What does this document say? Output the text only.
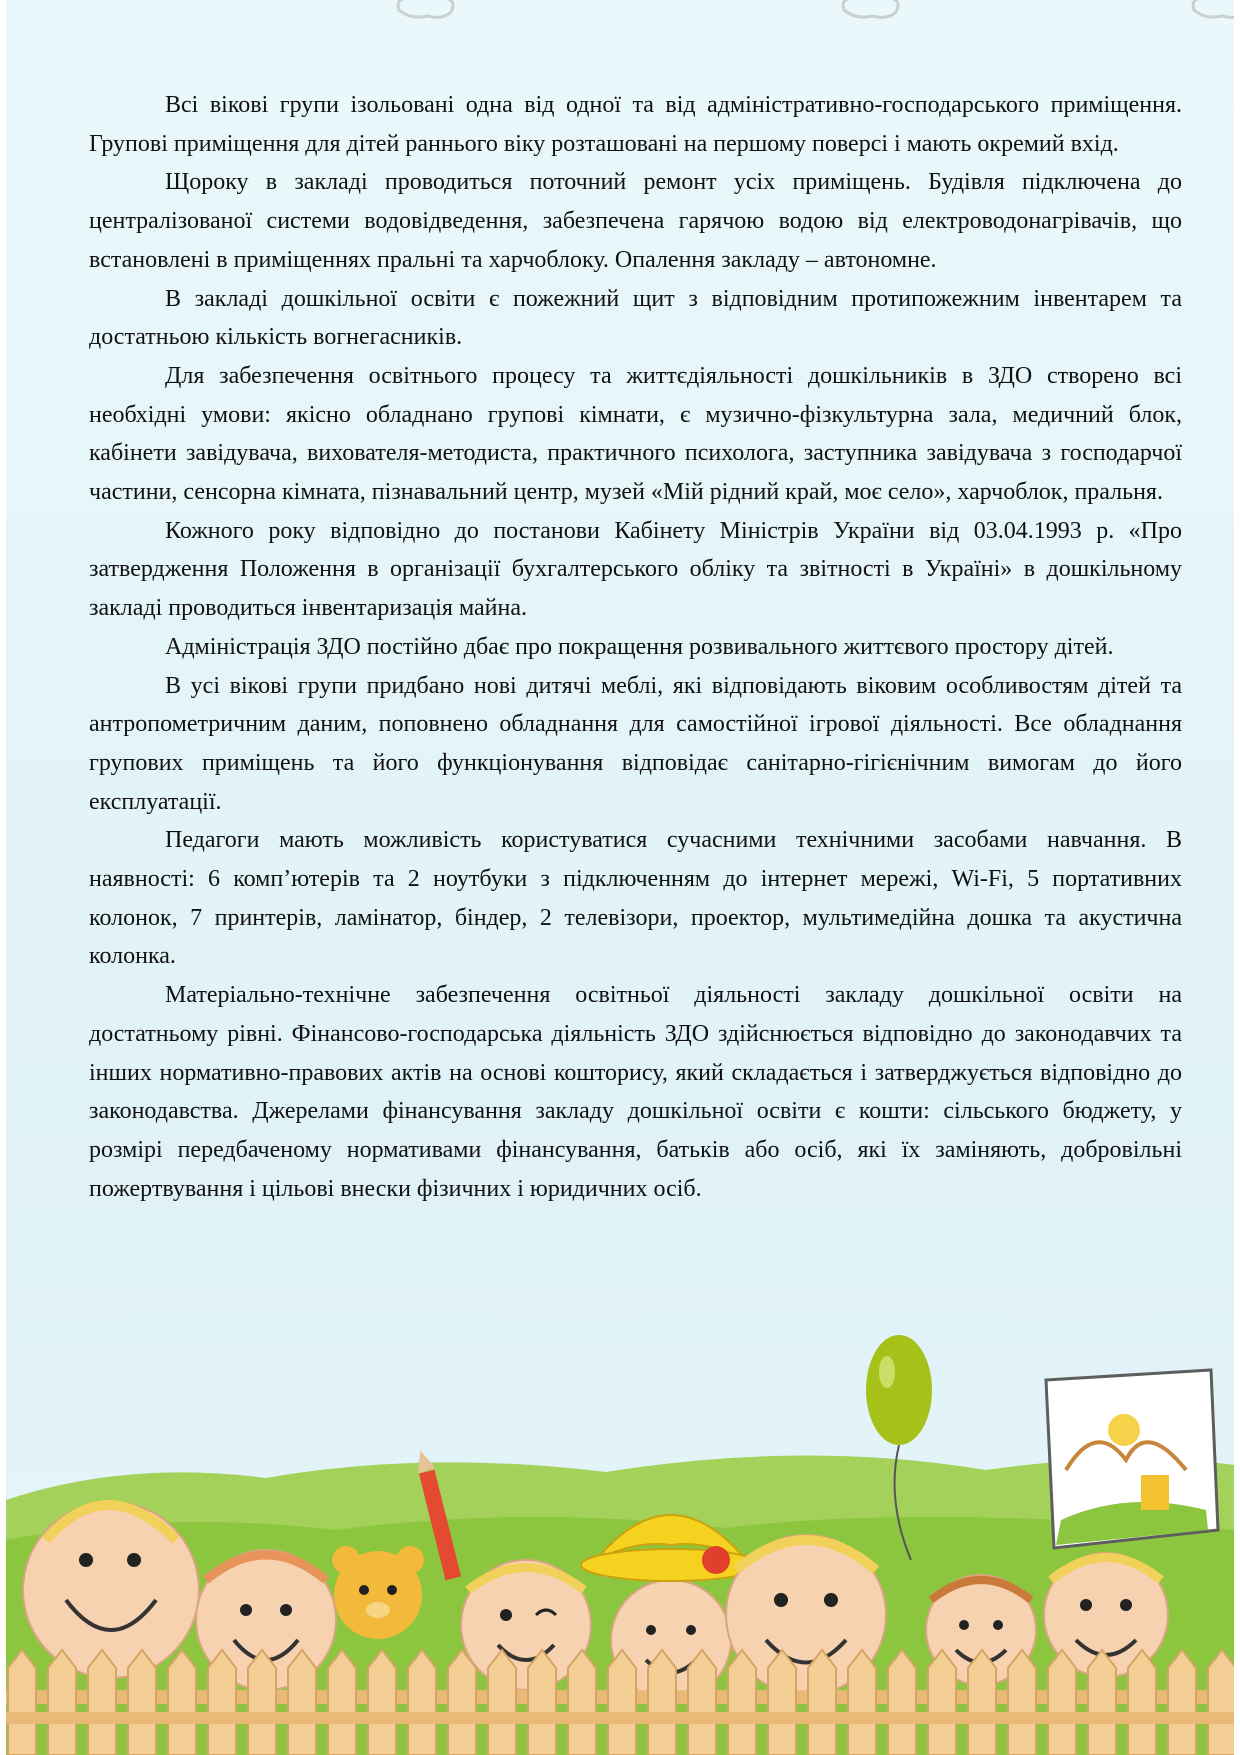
Всі вікові групи ізольовані одна від одної та від адміністративно-господарського приміщення. Групові приміщення для дітей раннього віку розташовані на першому поверсі і мають окремий вхід.

Щороку в закладі проводиться поточний ремонт усіх приміщень. Будівля підключена до централізованої системи водовідведення, забезпечена гарячою водою від електроводонагрівачів, що встановлені в приміщеннях пральні та харчоблоку. Опалення закладу – автономне.

В закладі дошкільної освіти є пожежний щит з відповідним протипожежним інвентарем та достатньою кількість вогнегасників.

Для забезпечення освітнього процесу та життєдіяльності дошкільників в ЗДО створено всі необхідні умови: якісно обладнано групові кімнати, є музично-фізкультурна зала, медичний блок, кабінети завідувача, вихователя-методиста, практичного психолога, заступника завідувача з господарчої частини, сенсорна кімната, пізнавальний центр, музей «Мій рідний край, моє село», харчоблок, пральня.

Кожного року відповідно до постанови Кабінету Міністрів України від 03.04.1993 р. «Про затвердження Положення в організації бухгалтерського обліку та звітності в Україні» в дошкільному закладі проводиться інвентаризація майна.

Адміністрація ЗДО постійно дбає про покращення розвивального життєвого простору дітей.

В усі вікові групи придбано нові дитячі меблі, які відповідають віковим особливостям дітей та антропометричним даним, поповнено обладнання для самостійної ігрової діяльності. Все обладнання групових приміщень та його функціонування відповідає санітарно-гігієнічним вимогам до його експлуатації.

Педагоги мають можливість користуватися сучасними технічними засобами навчання. В наявності: 6 комп’ютерів та 2 ноутбуки з підключенням до інтернет мережі, Wi-Fi, 5 портативних колонок, 7 принтерів, ламінатор, біндер, 2 телевізори, проектор, мультимедійна дошка та акустична колонка.

Матеріально-технічне забезпечення освітньої діяльності закладу дошкільної освіти на достатньому рівні. Фінансово-господарська діяльність ЗДО здійснюється відповідно до законодавчих та інших нормативно-правових актів на основі кошторису, який складається і затверджується відповідно до законодавства. Джерелами фінансування закладу дошкільної освіти є кошти: сільського бюджету, у розмірі передбаченому нормативами фінансування, батьків або осіб, які їх заміняють, добровільні пожертвування і цільові внески фізичних і юридичних осіб.
